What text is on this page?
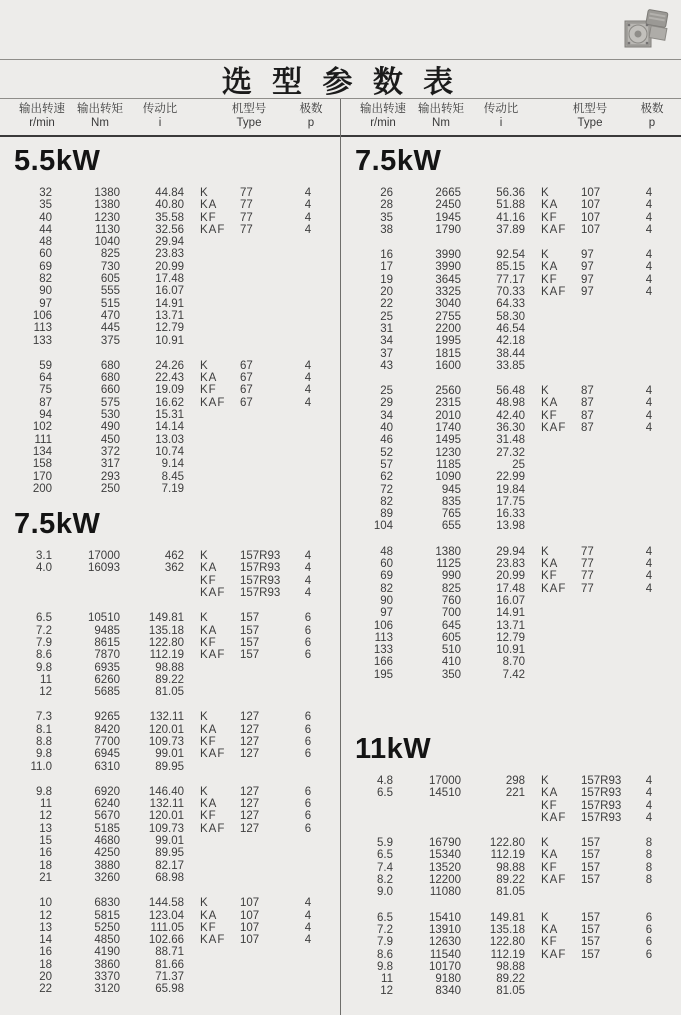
选 型 参 数 表
输出转速
r/min
输出转矩
Nm
传动比
i
机型号
Type
极数
p
5.5kW
32	1380	44.84 K	77	4
35	1380	40.80 KA	77	4
40	1230	35.58 KF	77	4
44	1130	32.56 KAF	77	4
48	1040	29.94
60	825	23.83
69	730	20.99
82	605	17.48
90	555	16.07
97	515	14.91
106	470	13.71
113	445	12.79
133	375	10.91
59	680	24.26 K	67	4
64	680	22.43 KA	67	4
75	660	19.09 KF	67	4
87	575	16.62 KAF	67	4
94	530	15.31
102	490	14.14
111	450	13.03
134	372	10.74
158	317	9.14
170	293	8.45
200	250	7.19
7.5kW
3.1	17000	462 K	157R93	4
4.0	16093	362 KA	157R93	4
KF	157R93	4
KAF	157R93	4
6.5	10510	149.81 K	157	6
7.2	9485	135.18 KA	157	6
7.9	8615	122.80 KF	157	6
8.6	7870	112.19 KAF	157	6
9.8	6935	98.88
11	6260	89.22
12	5685	81.05
7.3	9265	132.11 K	127	6
8.1	8420	120.01 KA	127	6
8.8	7700	109.73 KF	127	6
9.8	6945	99.01 KAF	127	6
11.0	6310	89.95
9.8	6920	146.40 K	127	6
11	6240	132.11 KA	127	6
12	5670	120.01 KF	127	6
13	5185	109.73 KAF	127	6
15	4680	99.01
16	4250	89.95
18	3880	82.17
21	3260	68.98
10	6830	144.58 K	107	4
12	5815	123.04 KA	107	4
13	5250	111.05 KF	107	4
14	4850	102.66 KAF	107	4
16	4190	88.71
18	3860	81.66
20	3370	71.37
22	3120	65.98
输出转速
r/min
输出转矩
Nm
传动比
i
机型号
Type
极数
p
7.5kW
26	2665	56.36 K	107	4
28	2450	51.88 KA	107	4
35	1945	41.16 KF	107	4
38	1790	37.89 KAF	107	4
16	3990	92.54 K	97	4
17	3990	85.15 KA	97	4
19	3645	77.17 KF	97	4
20	3325	70.33 KAF	97	4
22	3040	64.33
25	2755	58.30
31	2200	46.54
34	1995	42.18
37	1815	38.44
43	1600	33.85
25	2560	56.48 K	87	4
29	2315	48.98 KA	87	4
34	2010	42.40 KF	87	4
40	1740	36.30 KAF	87	4
46	1495	31.48
52	1230	27.32
57	1185	25
62	1090	22.99
72	945	19.84
82	835	17.75
89	765	16.33
104	655	13.98
48	1380	29.94 K	77	4
60	1125	23.83 KA	77	4
69	990	20.99 KF	77	4
82	825	17.48 KAF	77	4
90	760	16.07
97	700	14.91
106	645	13.71
113	605	12.79
133	510	10.91
166	410	8.70
195	350	7.42
11kW
4.8	17000	298 K	157R93	4
6.5	14510	221 KA	157R93	4
KF	157R93	4
KAF	157R93	4
5.9	16790	122.80 K	157	8
6.5	15340	112.19 KA	157	8
7.4	13520	98.88 KF	157	8
8.2	12200	89.22 KAF	157	8
9.0	11080	81.05
6.5	15410	149.81 K	157	6
7.2	13910	135.18 KA	157	6
7.9	12630	122.80 KF	157	6
8.6	11540	112.19 KAF	157	6
9.8	10170	98.88
11	9180	89.22
12	8340	81.05
